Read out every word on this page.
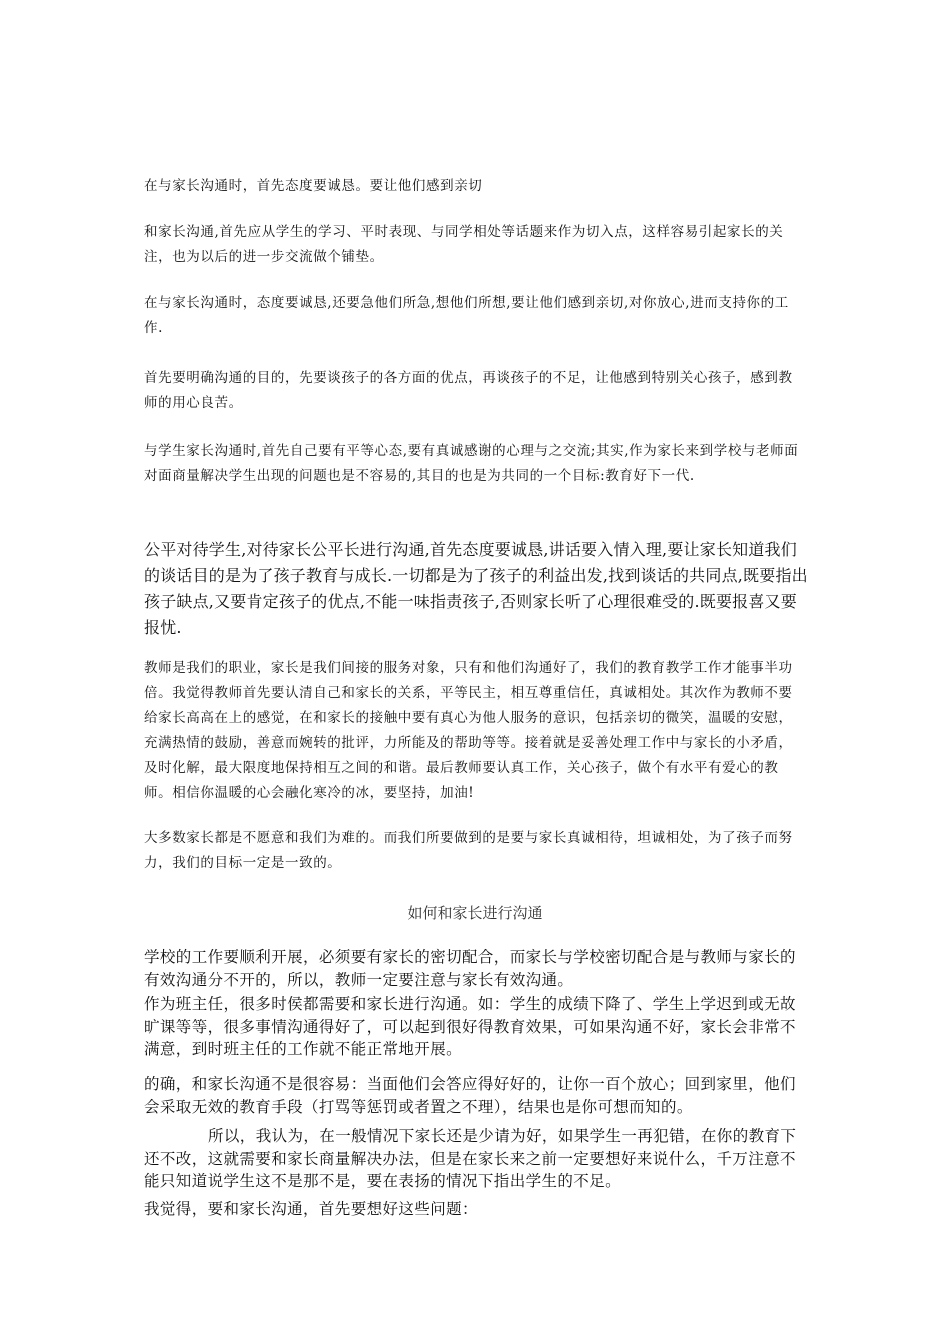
在与家长沟通时，首先态度要诚恳。要让他们感到亲切

和家长沟通,首先应从学生的学习、平时表现、与同学相处等话题来作为切入点，这样容易引起家长的关注，也为以后的进一步交流做个铺垫。

在与家长沟通时，态度要诚恳,还要急他们所急,想他们所想,要让他们感到亲切,对你放心,进而支持你的工作.

首先要明确沟通的目的，先要谈孩子的各方面的优点，再谈孩子的不足，让他感到特别关心孩子，感到教师的用心良苦。

与学生家长沟通时,首先自己要有平等心态,要有真诚感谢的心理与之交流;其实,作为家长来到学校与老师面对面商量解决学生出现的问题也是不容易的,其目的也是为共同的一个目标:教育好下一代.

公平对待学生,对待家长公平长进行沟通,首先态度要诚恳,讲话要入情入理,要让家长知道我们的谈话目的是为了孩子教育与成长.一切都是为了孩子的利益出发,找到谈话的共同点,既要指出孩子缺点,又要肯定孩子的优点,不能一味指责孩子,否则家长听了心理很难受的.既要报喜又要报忧.

教师是我们的职业，家长是我们间接的服务对象，只有和他们沟通好了，我们的教育教学工作才能事半功倍。我觉得教师首先要认清自己和家长的关系，平等民主，相互尊重信任，真诚相处。其次作为教师不要给家长高高在上的感觉，在和家长的接触中要有真心为他人服务的意识，包括亲切的微笑，温暖的安慰，充满热情的鼓励，善意而婉转的批评，力所能及的帮助等等。接着就是妥善处理工作中与家长的小矛盾，及时化解，最大限度地保持相互之间的和谐。最后教师要认真工作，关心孩子，做个有水平有爱心的教师。相信你温暖的心会融化寒冷的冰，要坚持，加油!

大多数家长都是不愿意和我们为难的。而我们所要做到的是要与家长真诚相待，坦诚相处，为了孩子而努力，我们的目标一定是一致的。

如何和家长进行沟通

学校的工作要顺利开展，必须要有家长的密切配合，而家长与学校密切配合是与教师与家长的有效沟通分不开的，所以，教师一定要注意与家长有效沟通。

作为班主任，很多时侯都需要和家长进行沟通。如：学生的成绩下降了、学生上学迟到或无故旷课等等，很多事情沟通得好了，可以起到很好得教育效果，可如果沟通不好，家长会非常不满意，到时班主任的工作就不能正常地开展。

的确，和家长沟通不是很容易：当面他们会答应得好好的，让你一百个放心；回到家里，他们会采取无效的教育手段（打骂等惩罚或者置之不理），结果也是你可想而知的。

所以，我认为，在一般情况下家长还是少请为好，如果学生一再犯错，在你的教育下还不改，这就需要和家长商量解决办法，但是在家长来之前一定要想好来说什么，千万注意不能只知道说学生这不是那不是，要在表扬的情况下指出学生的不足。

我觉得，要和家长沟通，首先要想好这些问题：
